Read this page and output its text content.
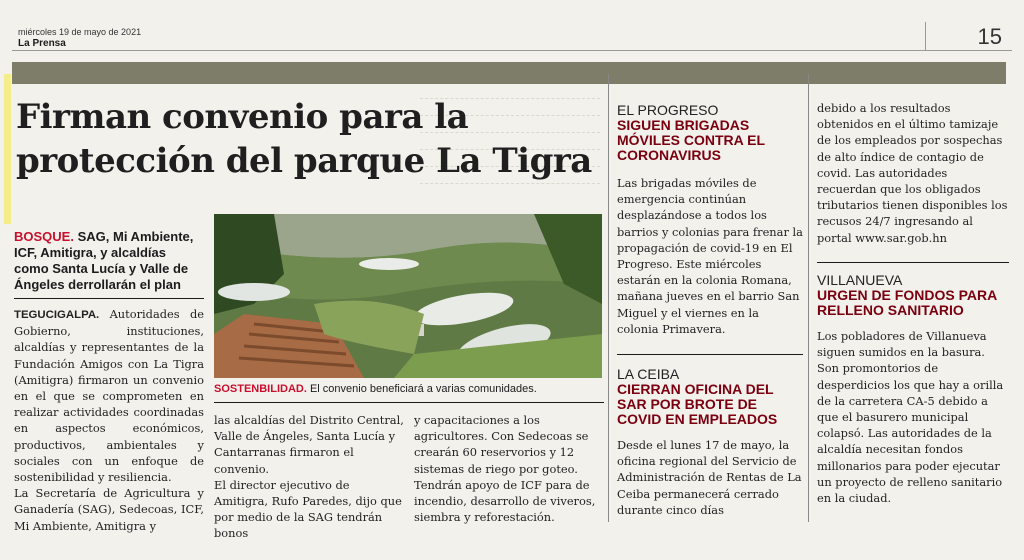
miércoles 19 de mayo de 2021
La Prensa	15
Firman convenio para la
protección del parque La Tigra
BOSQUE. SAG, Mi Ambiente, ICF, Amitigra, y alcaldías como Santa Lucía y Valle de Ángeles derrollarán el plan
TEGUCIGALPA. Autoridades de Gobierno, instituciones, alcaldías y representantes de la Fundación Amigos con La Tigra (Amitigra) firmaron un convenio en el que se comprometen en realizar actividades coordinadas en aspectos económicos, productivos, ambientales y sociales con un enfoque de sostenibilidad y resiliencia.
La Secretaría de Agricultura y Ganadería (SAG), Sedecoas, ICF, Mi Ambiente, Amitigra y
SOSTENBILIDAD. El convenio beneficiará a varias comunidades.
las alcaldías del Distrito Central, Valle de Ángeles, Santa Lucía y Cantarranas firmaron el convenio.
El director ejecutivo de Amitigra, Rufo Paredes, dijo que por medio de la SAG tendrán bonos
y capacitaciones a los agricultores. Con Sedecoas se crearán 60 reservorios y 12 sistemas de riego por goteo. Tendrán apoyo de ICF para de incendio, desarrollo de viveros, siembra y reforestación.
EL PROGRESO
SIGUEN BRIGADAS MÓVILES CONTRA EL CORONAVIRUS
Las brigadas móviles de emergencia continúan desplazándose a todos los barrios y colonias para frenar la propagación de covid-19 en El Progreso. Este miércoles estarán en la colonia Romana, mañana jueves en el barrio San Miguel y el viernes en la colonia Primavera.
LA CEIBA
CIERRAN OFICINA DEL SAR POR BROTE DE COVID EN EMPLEADOS
Desde el lunes 17 de mayo, la oficina regional del Servicio de Administración de Rentas de La Ceiba permanecerá cerrado durante cinco días
debido a los resultados obtenidos en el último tamizaje de los empleados por sospechas de alto índice de contagio de covid. Las autoridades recuerdan que los obligados tributarios tienen disponibles los recusos 24/7 ingresando al portal www.sar.gob.hn
VILLANUEVA
URGEN DE FONDOS PARA RELLENO SANITARIO
Los pobladores de Villanueva siguen sumidos en la basura. Son promontorios de desperdicios los que hay a orilla de la carretera CA-5 debido a que el basurero municipal colapsó. Las autoridades de la alcaldía necesitan fondos millonarios para poder ejecutar un proyecto de relleno sanitario en la ciudad.
